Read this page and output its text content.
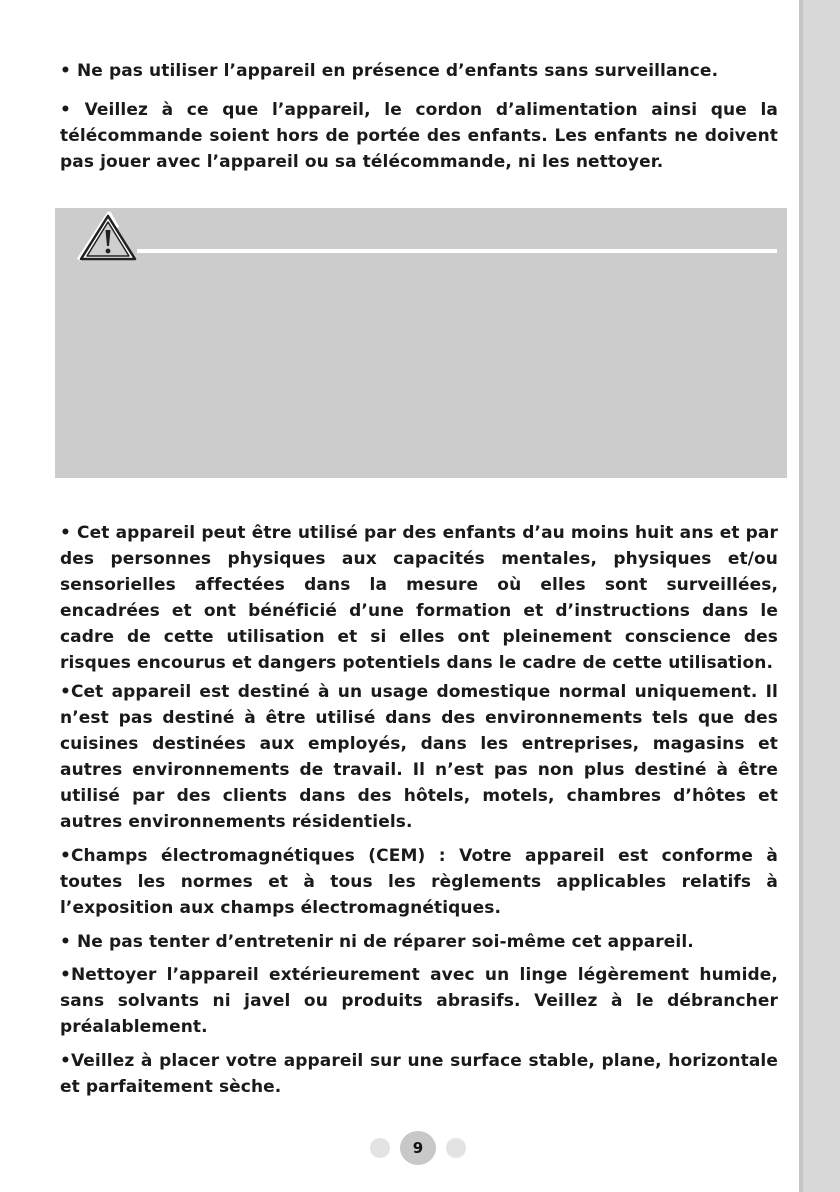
• Ne pas utiliser l’appareil en présence d’enfants sans surveillance.

• Veillez à ce que l’appareil, le cordon d’alimentation ainsi que la télécommande soient hors de portée des enfants. Les enfants ne doivent pas jouer avec l’appareil ou sa télécommande, ni les nettoyer.

• Cet appareil peut être utilisé par des enfants d’au moins huit ans et par des personnes physiques aux capacités mentales, physiques et/ou sensorielles affectées dans la mesure où elles sont surveillées, encadrées et ont bénéficié d’une formation et d’instructions dans le cadre de cette utilisation et si elles ont pleinement conscience des risques encourus et dangers potentiels dans le cadre de cette utilisation.

•Cet appareil est destiné à un usage domestique normal uniquement. Il n’est pas destiné à être utilisé dans des environnements tels que des cuisines destinées aux employés, dans les entreprises, magasins et autres environnements de travail. Il n’est pas non plus destiné à être utilisé par des clients dans des hôtels, motels, chambres d’hôtes et autres environnements résidentiels.

•Champs électromagnétiques (CEM) : Votre appareil est conforme à toutes les normes et à tous les règlements applicables relatifs à l’exposition aux champs électromagnétiques.

• Ne pas tenter d’entretenir ni de réparer soi-même cet appareil.

•Nettoyer l’appareil extérieurement avec un linge légèrement humide, sans solvants ni javel ou produits abrasifs. Veillez à le débrancher préalablement.

•Veillez à placer votre appareil sur une surface stable, plane, horizontale et parfaitement sèche.

9
